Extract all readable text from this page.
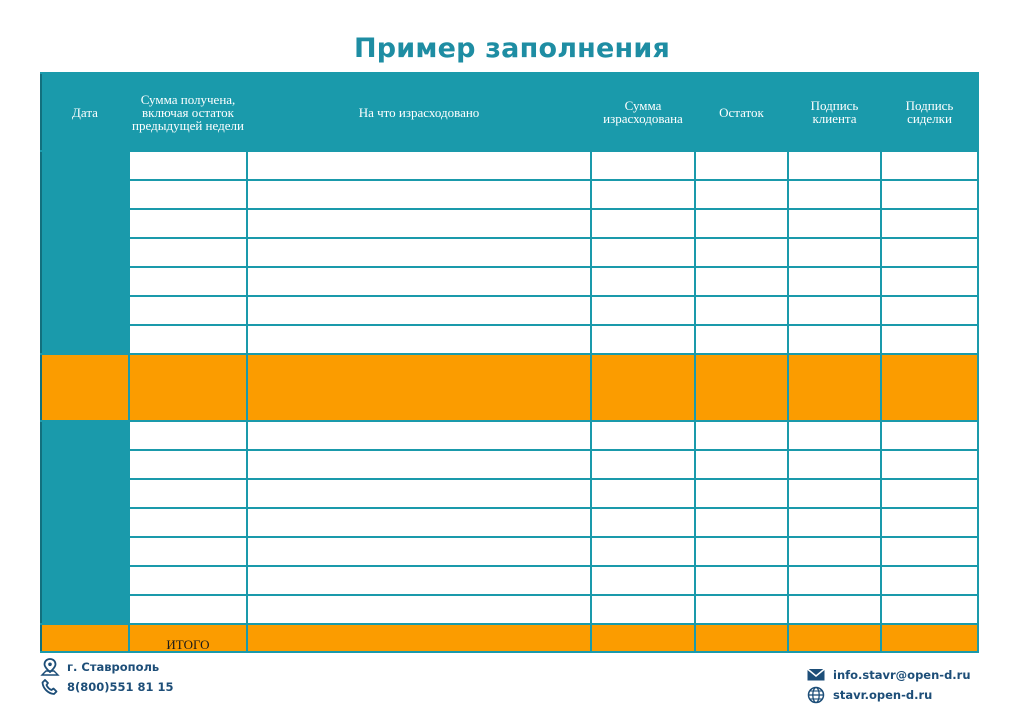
Пример заполнения
Дата	Сумма получена, включая остаток предыдущей недели	На что израсходовано	Сумма израсходована	Остаток	Подпись клиента	Подпись сиделки

	ИТОГО					
г. Ставрополь
8(800)551 81 15
info.stavr@open-d.ru
stavr.open-d.ru
